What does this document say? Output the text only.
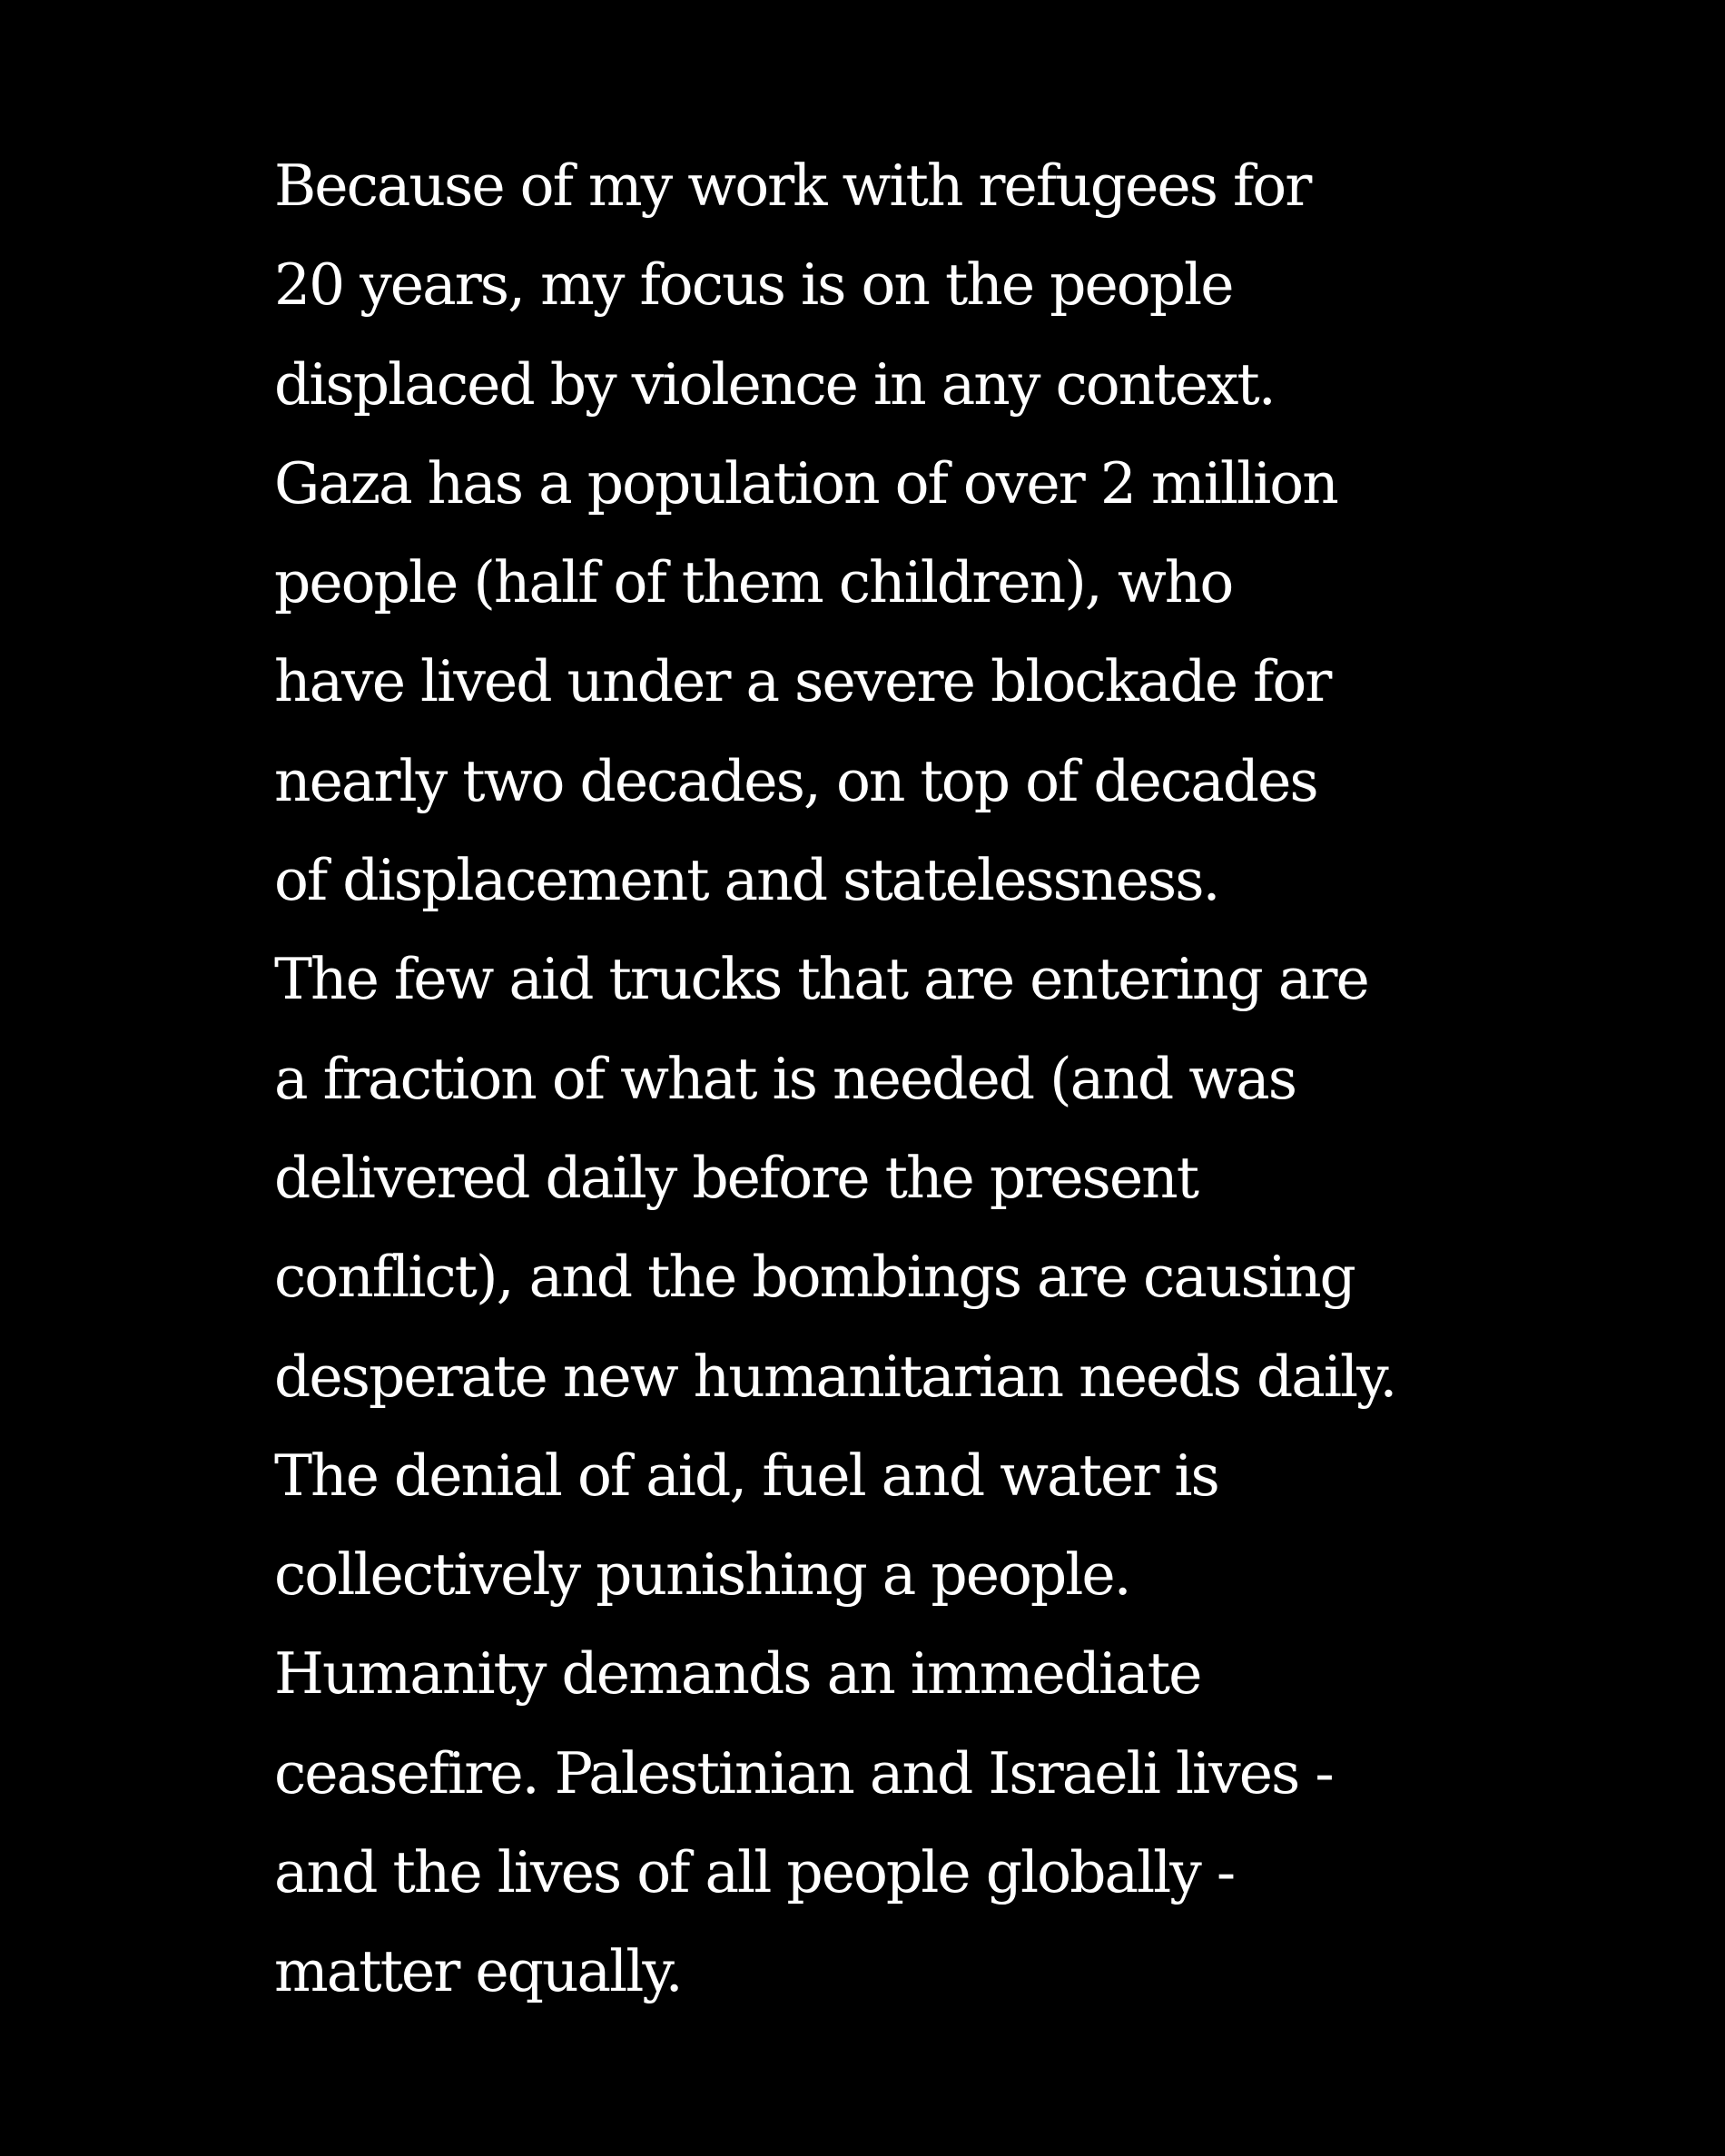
Because of my work with refugees for
20 years, my focus is on the people
displaced by violence in any context.
Gaza has a population of over 2 million
people (half of them children), who
have lived under a severe blockade for
nearly two decades, on top of decades
of displacement and statelessness.
The few aid trucks that are entering are
a fraction of what is needed (and was
delivered daily before the present
conflict), and the bombings are causing
desperate new humanitarian needs daily.
The denial of aid, fuel and water is
collectively punishing a people.
Humanity demands an immediate
ceasefire. Palestinian and Israeli lives -
and the lives of all people globally -
matter equally.
